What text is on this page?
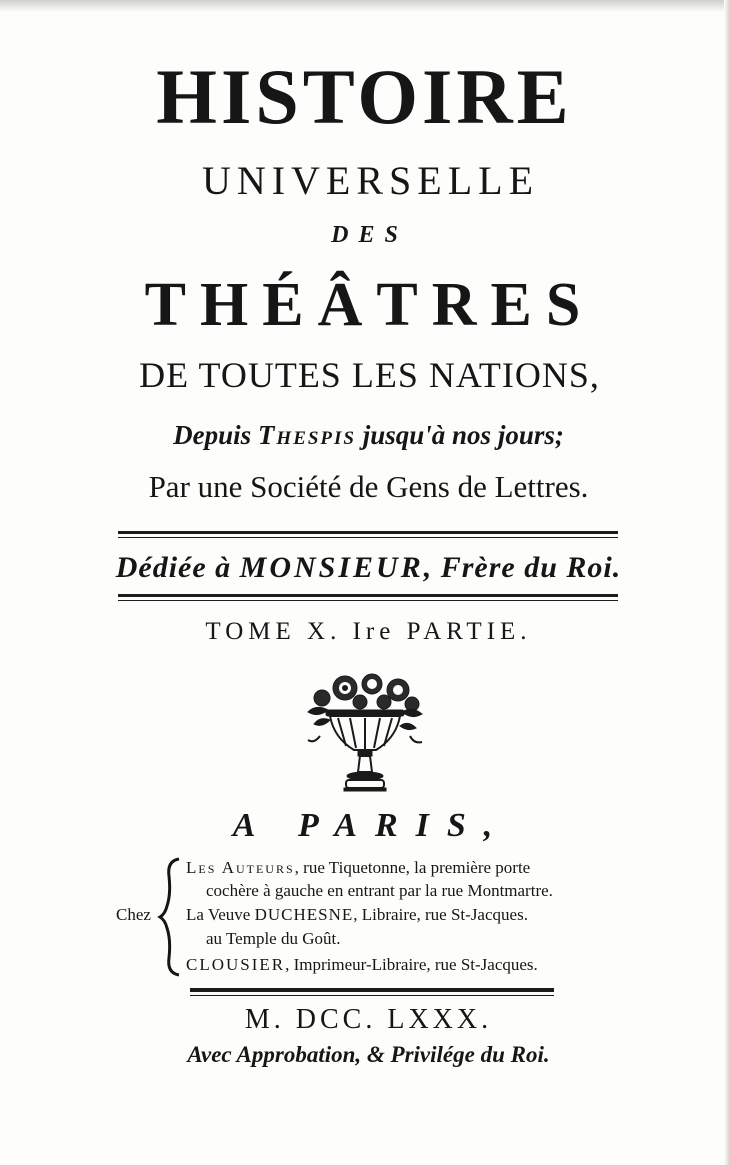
HISTOIRE
UNIVERSELLE
DES
THÉÂTRES
DE TOUTES LES NATIONS,
Depuis Thespis jusqu'à nos jours;
Par une Société de Gens de Lettres.
Dédiée à MONSIEUR, Frère du Roi.
TOME X. Ire PARTIE.
A PARIS,
Chez
Les Auteurs, rue Tiquetonne, la première porte
cochère à gauche en entrant par la rue Montmartre.
La Veuve DUCHESNE, Libraire, rue St-Jacques.
au Temple du Goût.
CLOUSIER, Imprimeur-Libraire, rue St-Jacques.
M. DCC. LXXX.
Avec Approbation, & Privilége du Roi.
